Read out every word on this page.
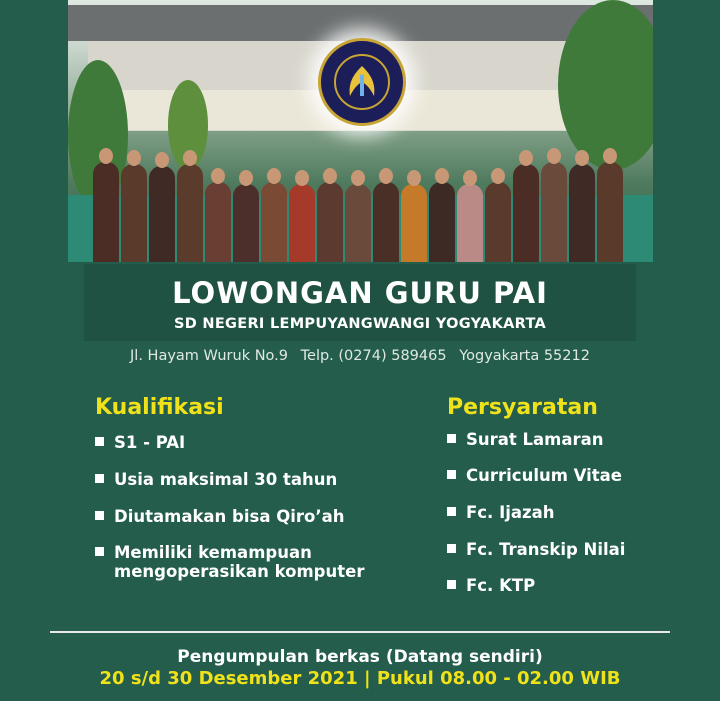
LOWONGAN GURU PAI
SD NEGERI LEMPUYANGWANGI YOGYAKARTA
Jl. Hayam Wuruk No.9 Telp. (0274) 589465 Yogyakarta 55212
Kualifikasi
S1 - PAI
Usia maksimal 30 tahun
Diutamakan bisa Qiro’ah
Memiliki kemampuan
mengoperasikan komputer
Persyaratan
Surat Lamaran
Curriculum Vitae
Fc. Ijazah
Fc. Transkip Nilai
Fc. KTP
Pengumpulan berkas (Datang sendiri)
20 s/d 30 Desember 2021 | Pukul 08.00 - 02.00 WIB
